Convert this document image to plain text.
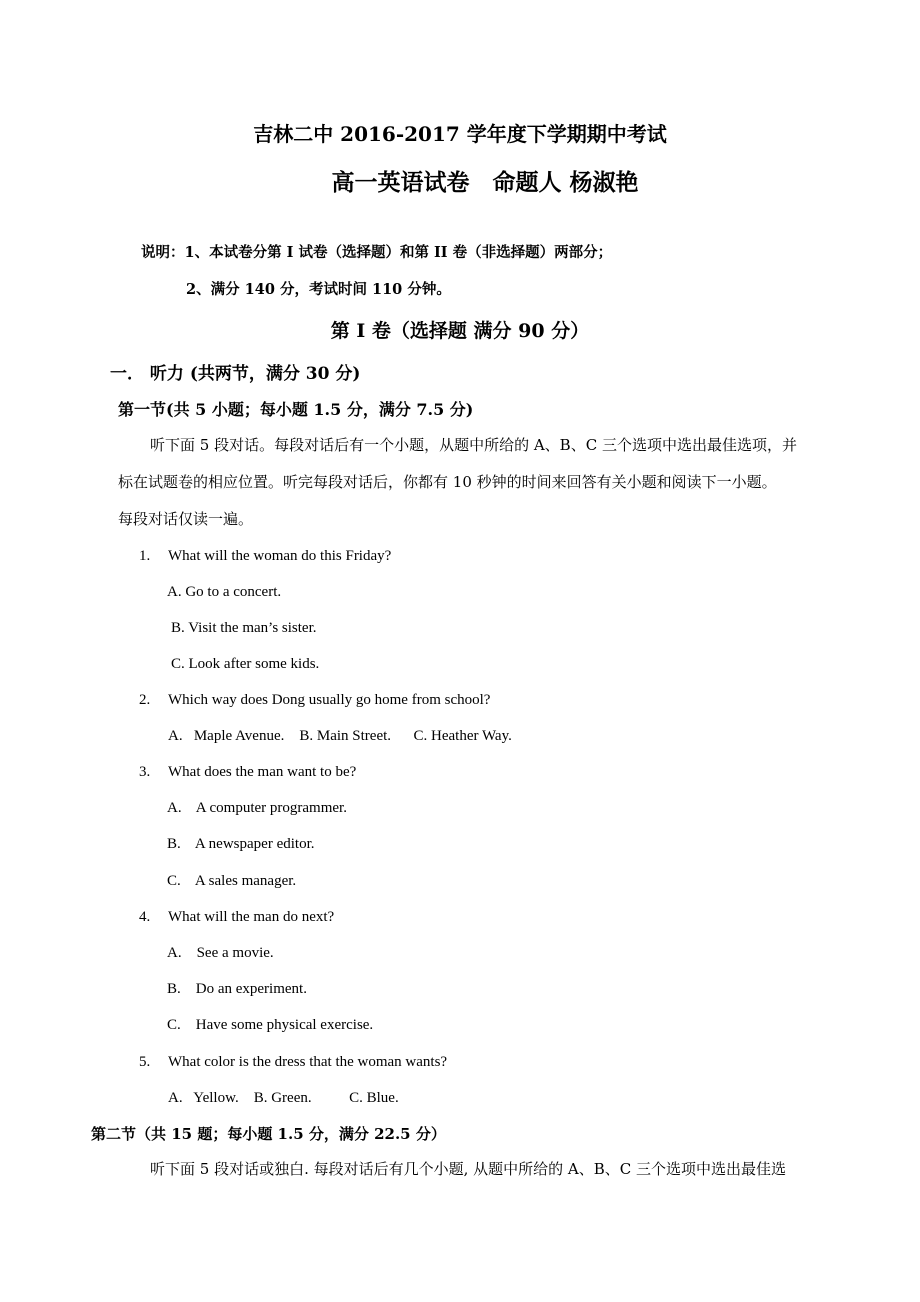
吉林二中 2016-2017 学年度下学期期中考试
高一英语试卷　命题人 杨淑艳
说明：1、本试卷分第 I 试卷（选择题）和第 II 卷（非选择题）两部分；
2、满分 140 分，考试时间 110 分钟。
第 I 卷（选择题 满分 90 分）
一． 听力 (共两节，满分 30 分)
第一节(共 5 小题；每小题 1.5 分，满分 7.5 分)
听下面 5 段对话。每段对话后有一个小题，从题中所给的 A、B、C 三个选项中选出最佳选项，并
标在试题卷的相应位置。听完每段对话后，你都有 10 秒钟的时间来回答有关小题和阅读下一小题。
每段对话仅读一遍。
1. What will the woman do this Friday?
A. Go to a concert.
B. Visit the man’s sister.
C. Look after some kids.
2. Which way does Dong usually go home from school?
A.   Maple Avenue.    B. Main Street.      C. Heather Way.
3. What does the man want to be?
A.    A computer programmer.
B.    A newspaper editor.
C.    A sales manager.
4. What will the man do next?
A.    See a movie.
B.    Do an experiment.
C.    Have some physical exercise.
5. What color is the dress that the woman wants?
A.   Yellow.    B. Green.          C. Blue.
第二节（共 15 题；每小题 1.5 分，满分 22.5 分）
听下面 5 段对话或独白. 每段对话后有几个小题, 从题中所给的 A、B、C 三个选项中选出最佳选
